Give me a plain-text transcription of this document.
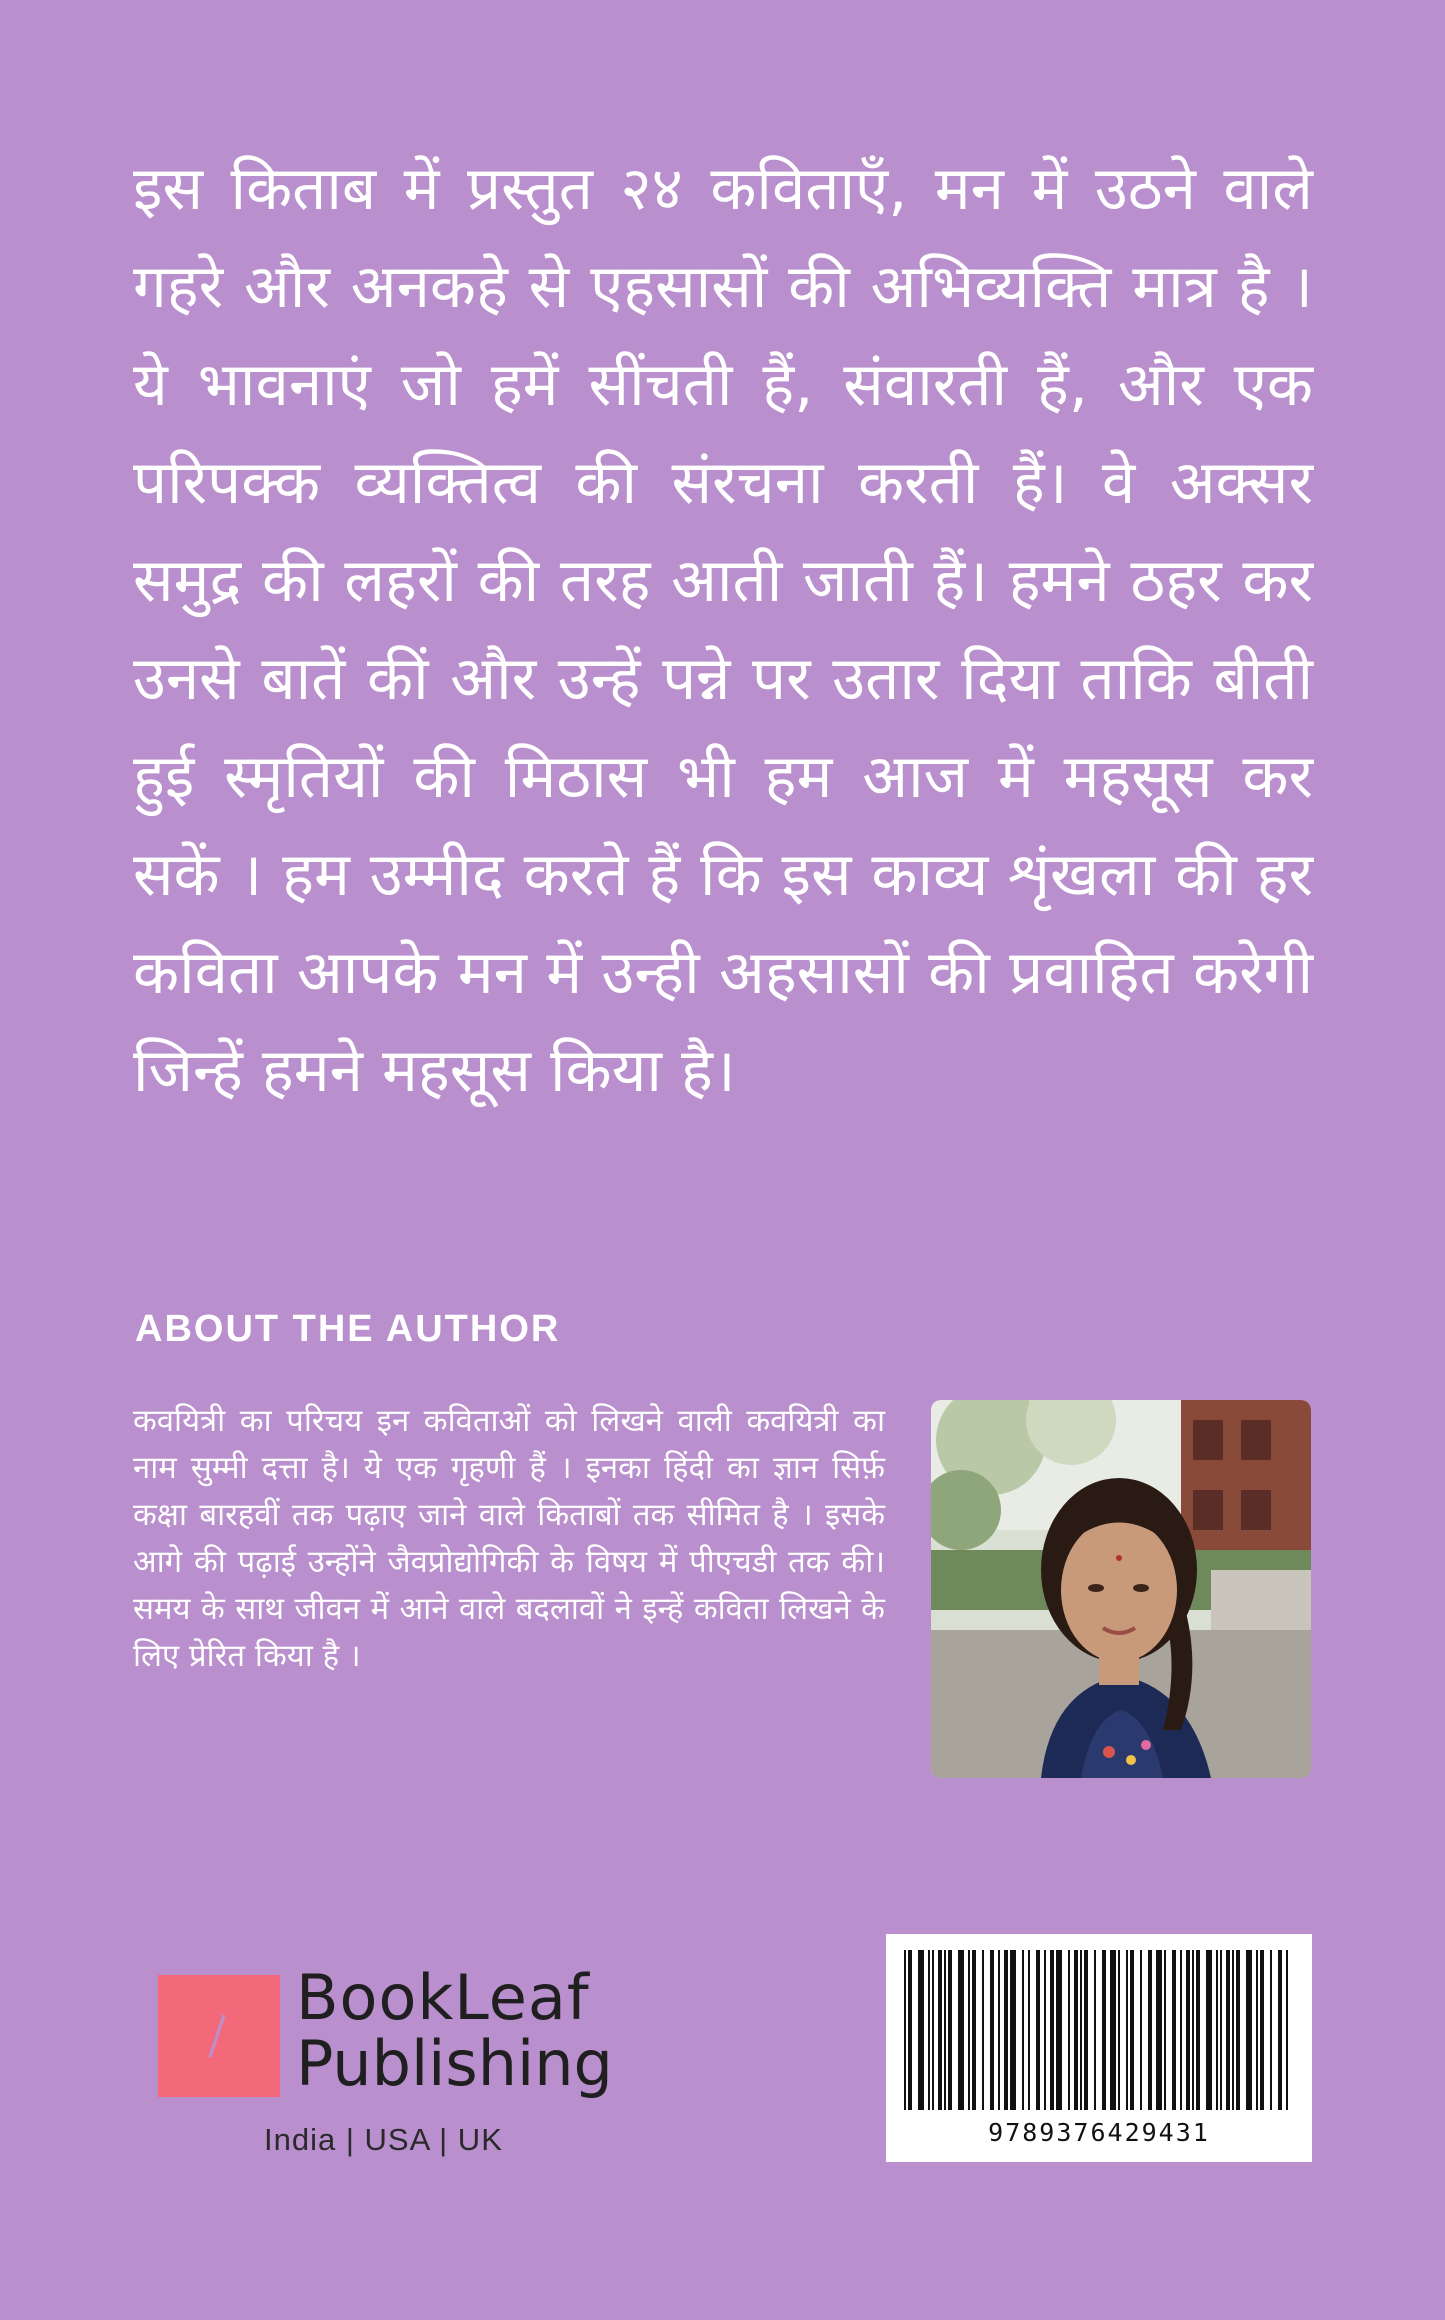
इस किताब में प्रस्तुत २४ कविताएँ, मन में उठने वाले गहरे और अनकहे से एहसासों की अभिव्यक्ति मात्र है ।ये भावनाएं जो हमें सींचती हैं, संवारती हैं, और एक परिपक्क व्यक्तित्व की संरचना करती हैं। वे अक्सर समुद्र की लहरों की तरह आती जाती हैं। हमने ठहर कर उनसे बातें कीं और उन्हें पन्ने पर उतार दिया ताकि बीती हुई स्मृतियों की मिठास भी हम आज में महसूस कर सकें । हम उम्मीद करते हैं कि इस काव्य शृंखला की हर कविता आपके मन में उन्ही अहसासों की प्रवाहित करेगी जिन्हें हमने महसूस किया है।

ABOUT THE AUTHOR

कवयित्री का परिचय इन कविताओं को लिखने वाली कवयित्री का नाम सुम्मी दत्ता है। ये एक गृहणी हैं । इनका हिंदी का ज्ञान सिर्फ़ कक्षा बारहवीं तक पढ़ाए जाने वाले किताबों तक सीमित है । इसके आगे की पढ़ाई उन्होंने जैवप्रोद्योगिकी के विषय में पीएचडी तक की। समय के साथ जीवन में आने वाले बदलावों ने इन्हें कविता लिखने के लिए प्रेरित किया है ।

BookLeaf
Publishing
India | USA | UK	9789376429431
